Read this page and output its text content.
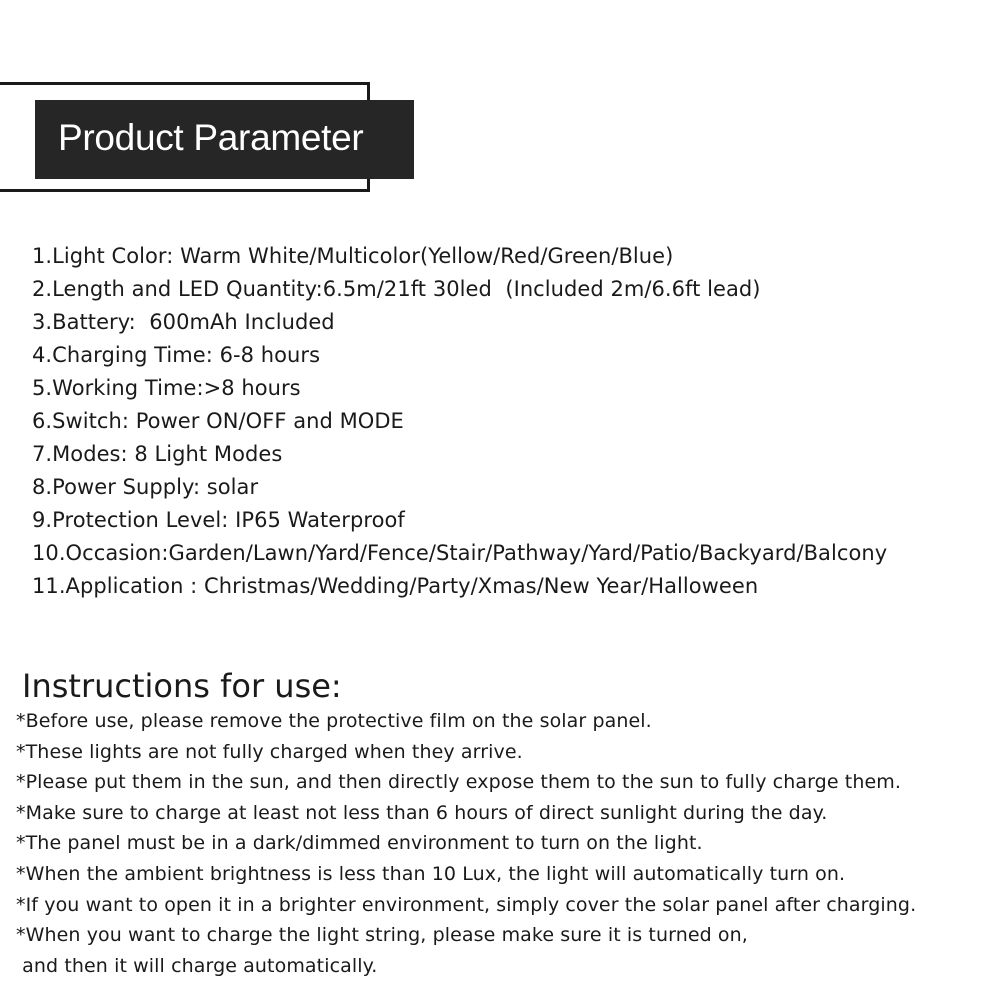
Product Parameter
1.Light Color: Warm White/Multicolor(Yellow/Red/Green/Blue)
2.Length and LED Quantity:6.5m/21ft 30led  (Included 2m/6.6ft lead)
3.Battery:  600mAh Included
4.Charging Time: 6-8 hours
5.Working Time:>8 hours
6.Switch: Power ON/OFF and MODE
7.Modes: 8 Light Modes
8.Power Supply: solar
9.Protection Level: IP65 Waterproof
10.Occasion:Garden/Lawn/Yard/Fence/Stair/Pathway/Yard/Patio/Backyard/Balcony
11.Application : Christmas/Wedding/Party/Xmas/New Year/Halloween
Instructions for use:
*Before use, please remove the protective film on the solar panel.
*These lights are not fully charged when they arrive.
*Please put them in the sun, and then directly expose them to the sun to fully charge them.
*Make sure to charge at least not less than 6 hours of direct sunlight during the day.
*The panel must be in a dark/dimmed environment to turn on the light.
*When the ambient brightness is less than 10 Lux, the light will automatically turn on.
*If you want to open it in a brighter environment, simply cover the solar panel after charging.
*When you want to charge the light string, please make sure it is turned on,
and then it will charge automatically.
